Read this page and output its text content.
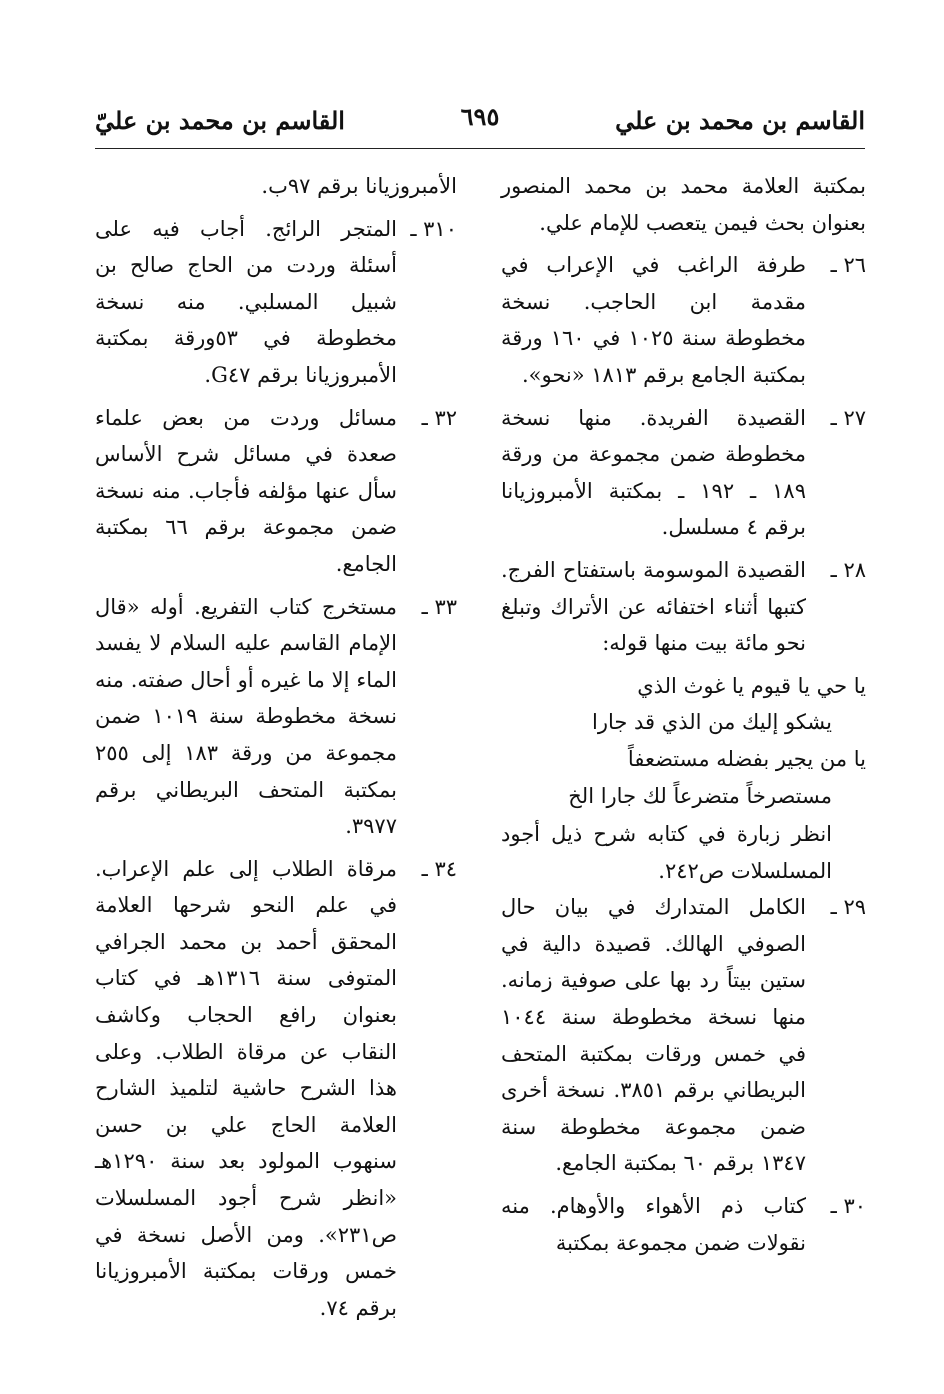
القاسم بن محمد بن علي
٦٩٥
القاسم بن محمد بن عليّ
بمكتبة العلامة محمد بن محمد المنصور بعنوان بحث فيمن يتعصب للإمام علي.
٢٦ ـ
طرفة الراغب في الإعراب في مقدمة ابن الحاجب. نسخة مخطوطة سنة ١٠٢٥ في ١٦٠ ورقة بمكتبة الجامع برقم ١٨١٣ «نحو».
٢٧ ـ
القصيدة الفريدة. منها نسخة مخطوطة ضمن مجموعة من ورقة ١٨٩ ـ ١٩٢ ـ بمكتبة الأمبروزيانا برقم ٤ مسلسل.
٢٨ ـ
القصيدة الموسومة باستفتاح الفرج. كتبها أثناء اختفائه عن الأتراك وتبلغ نحو مائة بيت منها قوله:
يا حي يا قيوم يا غوث الذي
يشكو إليك من الذي قد جارا
يا من يجير بفضله مستضعفاً
مستصرخاً متضرعاً لك جارا الخ
انظر زبارة في كتابه شرح ذيل أجود المسلسلات ص٢٤٢.
٢٩ ـ
الكامل المتدارك في بيان حال الصوفي الهالك. قصيدة دالية في ستين بيتاً رد بها على صوفية زمانه. منها نسخة مخطوطة سنة ١٠٤٤ في خمس ورقات بمكتبة المتحف البريطاني برقم ٣٨٥١. نسخة أخرى ضمن مجموعة مخطوطة سنة ١٣٤٧ برقم ٦٠ بمكتبة الجامع.
٣٠ ـ
كتاب ذم الأهواء والأوهام. منه نقولات ضمن مجموعة بمكتبة
الأمبروزيانا برقم ٩٧ب.
٣١٠ ـ
المتجر الرائج. أجاب فيه على أسئلة وردت من الحاج صالح بن شبيل المسلبي. منه نسخة مخطوطة في ٥٣ورقة بمكتبة الأمبروزيانا برقم G٤٧.
٣٢ ـ
مسائل وردت من بعض علماء صعدة في مسائل شرح الأساس سأل عنها مؤلفه فأجاب. منه نسخة ضمن مجموعة برقم ٦٦ بمكتبة الجامع.
٣٣ ـ
مستخرج كتاب التفريع. أوله «قال الإمام القاسم عليه السلام لا يفسد الماء إلا ما غيره أو أحال صفته. منه نسخة مخطوطة سنة ١٠١٩ ضمن مجموعة من ورقة ١٨٣ إلى ٢٥٥ بمكتبة المتحف البريطاني برقم ٣٩٧٧.
٣٤ ـ
مرقاة الطلاب إلى علم الإعراب. في علم النحو شرحها العلامة المحقق أحمد بن محمد الجرافي المتوفى سنة ١٣١٦هـ في كتاب بعنوان رافع الحجاب وكاشف النقاب عن مرقاة الطلاب. وعلى هذا الشرح حاشية لتلميذ الشارح العلامة الحاج علي بن حسن سنهوب المولود بعد سنة ١٢٩٠هـ «انظر شرح أجود المسلسلات ص٢٣١». ومن الأصل نسخة في خمس ورقات بمكتبة الأمبروزيانا برقم ٧٤.
